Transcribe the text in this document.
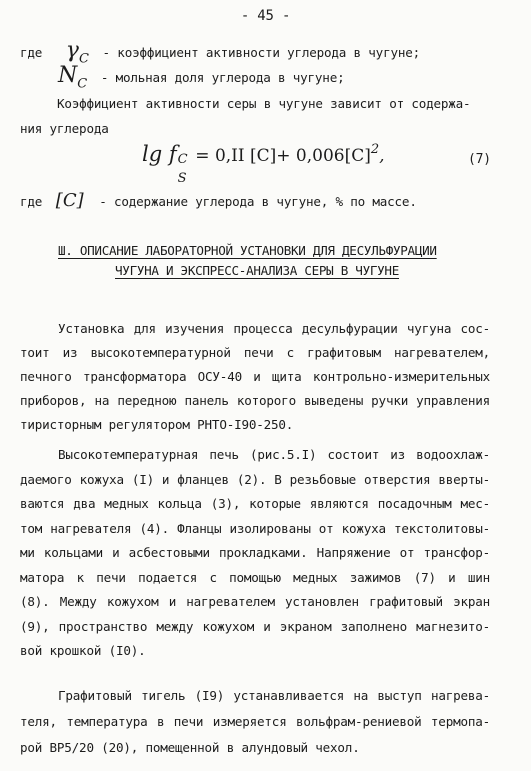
- 45 -
где $\gamma_C$ - коэффициент активности углерода в чугуне;
$N_C$ - мольная доля углерода в чугуне;
Коэффициент активности серы в чугуне зависит от содержа-
ния углерода
lg f C
S
= 0,II $[C]+ 0,006[C]^2$,	(7)
где [C] - содержание углерода в чугуне, % по массе.
Ш. ОПИСАНИЕ ЛАБОРАТОРНОЙ УСТАНОВКИ ДЛЯ ДЕСУЛЬФУРАЦИИ
ЧУГУНА И ЭКСПРЕСС-АНАЛИЗА СЕРЫ В ЧУГУНЕ
Установка для изучения процесса десульфурации чугуна сос-
тоит из высокотемпературной печи с графитовым нагревателем,
печного трансформатора ОСУ-40 и щита контрольно-измерительных
приборов, на передною панель которого выведены ручки управления
тиристорным регулятором РНТО-I90-250.
Высокотемпературная печь (рис.5.I) состоит из водоохлаж-
даемого кожуха (I) и фланцев (2). В резьбовые отверстия вверты-
ваются два медных кольца (3), которые являются посадочным мес-
том нагревателя (4). Фланцы изолированы от кожуха текстолитовы-
ми кольцами и асбестовыми прокладками. Напряжение от трансфор-
матора к печи подается с помощью медных зажимов (7) и шин
(8). Между кожухом и нагревателем установлен графитовый экран
(9), пространство между кожухом и экраном заполнено магнезито-
вой крошкой (I0).
Графитовый тигель (I9) устанавливается на выступ нагрева-
теля, температура в печи измеряется вольфрам-рениевой термопа-
рой ВР5/20 (20), помещенной в алундовый чехол.
